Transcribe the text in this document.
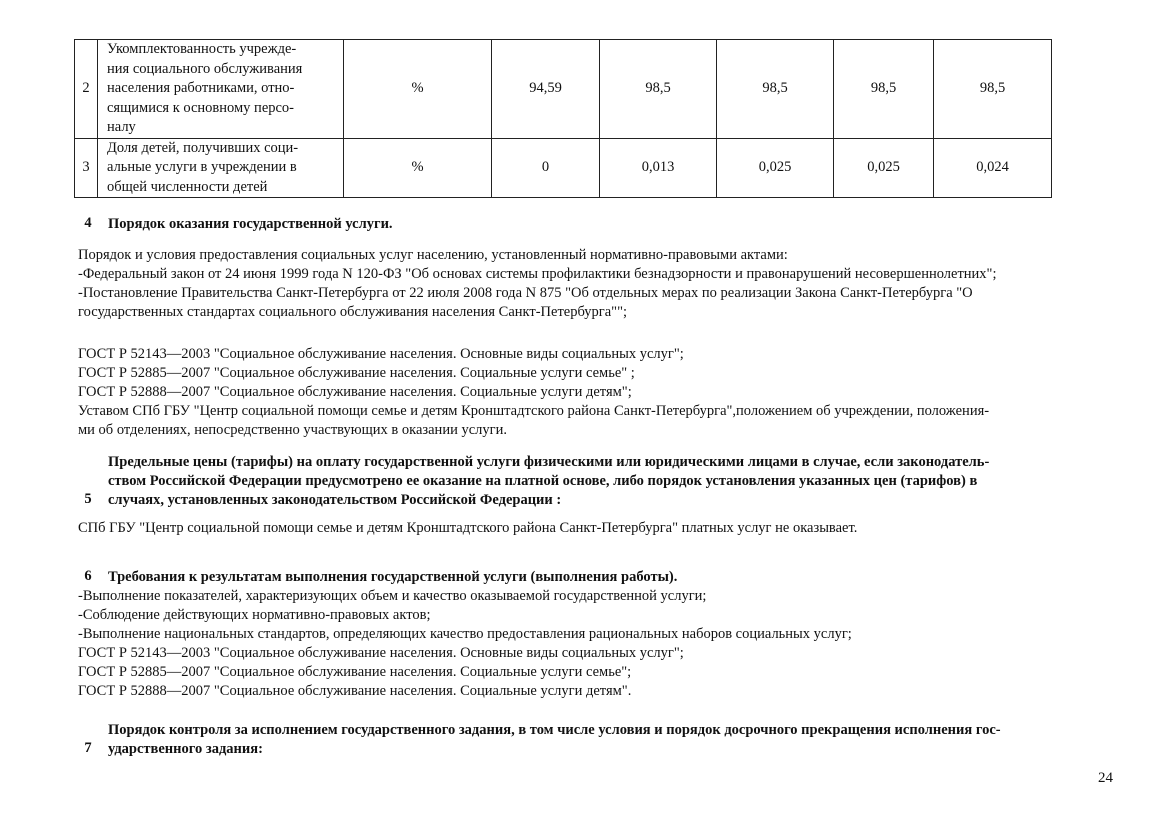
2	Укомплектованность учрежде-
ния социального обслуживания
населения работниками, отно-
сящимися к основному персо-
налу	%	94,59	98,5	98,5	98,5	98,5
3	Доля детей, получивших соци-
альные услуги в учреждении в
общей численности детей	%	0	0,013	0,025	0,025	0,024
4	Порядок оказания государственной услуги.
Порядок и условия предоставления социальных услуг населению, установленный нормативно-правовыми актами:
-Федеральный закон от 24 июня 1999 года N 120-ФЗ "Об основах системы профилактики безнадзорности и правонарушений несовершеннолетних";
-Постановление Правительства Санкт-Петербурга от 22 июля 2008 года N 875 "Об отдельных мерах по реализации Закона Санкт-Петербурга "О
государственных стандартах социального обслуживания населения Санкт-Петербурга"";
ГОСТ Р 52143—2003 "Социальное обслуживание населения. Основные виды социальных услуг";
ГОСТ Р 52885—2007 "Социальное обслуживание населения. Социальные услуги семье" ;
ГОСТ Р 52888—2007 "Социальное обслуживание населения. Социальные услуги детям";
Уставом СПб ГБУ "Центр социальной помощи семье и детям Кронштадтского района Санкт-Петербурга",положением об учреждении, положения-
ми об отделениях, непосредственно участвующих в оказании услуги.
Предельные цены (тарифы) на оплату государственной услуги физическими или юридическими лицами в случае, если законодатель-
ством Российской Федерации предусмотрено ее оказание на платной основе, либо порядок установления указанных цен (тарифов) в
5	случаях, установленных законодательством Российской Федерации :
СПб ГБУ "Центр социальной помощи семье и детям Кронштадтского района Санкт-Петербурга" платных услуг не оказывает.
6	Требования к результатам выполнения государственной услуги (выполнения работы).
-Выполнение показателей, характеризующих объем и качество оказываемой государственной услуги;
-Соблюдение действующих нормативно-правовых актов;
-Выполнение национальных стандартов, определяющих качество предоставления рациональных наборов социальных услуг;
ГОСТ Р 52143—2003 "Социальное обслуживание населения. Основные виды социальных услуг";
ГОСТ Р 52885—2007 "Социальное обслуживание населения. Социальные услуги семье";
ГОСТ Р 52888—2007 "Социальное обслуживание населения. Социальные услуги детям".
Порядок контроля за исполнением государственного задания, в том числе условия и порядок досрочного прекращения исполнения гос-
7	ударственного задания:
24
